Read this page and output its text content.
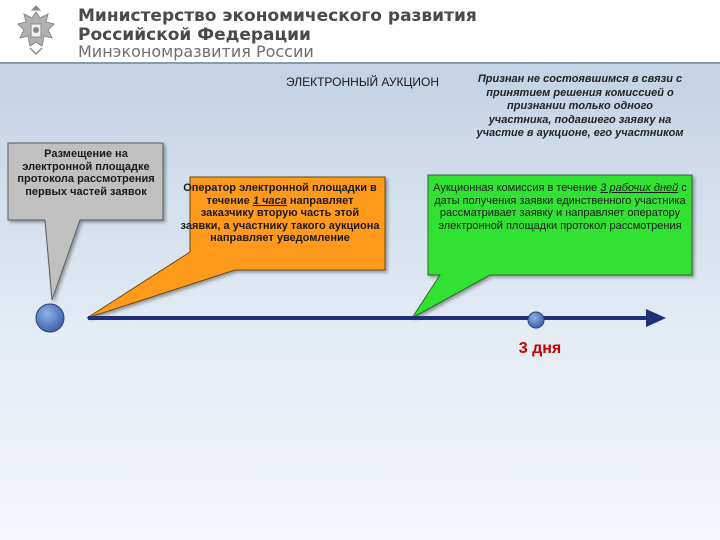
Министерство экономического развития
Российской Федерации
Минэкономразвития России
ЭЛЕКТРОННЫЙ АУКЦИОН	Признан не состоявшимся в связи с принятием решения комиссией о признании только одного участника, подавшего заявку на участие в аукционе, его участником
Размещение на электронной площадке протокола рассмотрения первых частей заявок	Оператор электронной площадки в течение 1 часа направляет заказчику вторую часть этой заявки, а участнику такого аукциона направляет уведомление
Аукционная комиссия в течение 3 рабочих дней с даты получения заявки единственного участника рассматривает заявку и направляет оператору электронной площадки протокол рассмотрения
3 дня
